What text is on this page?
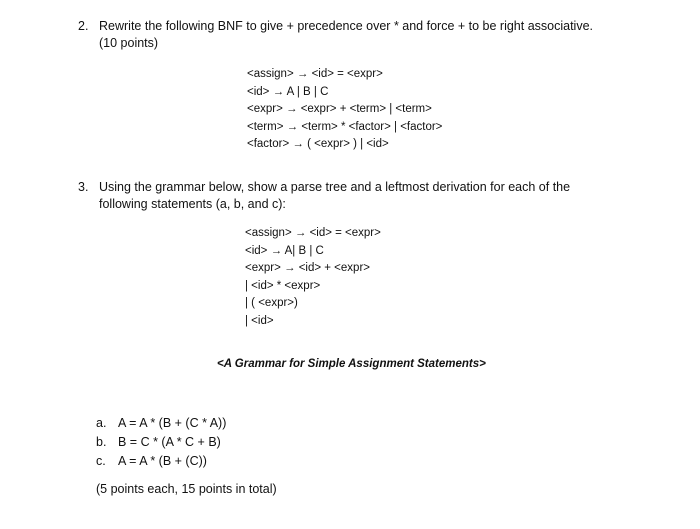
2. Rewrite the following BNF to give + precedence over * and force + to be right associative.
(10 points)
<assign> → <id> = <expr>
<id> → A | B | C
<expr> → <expr> + <term> | <term>
<term> → <term> * <factor> | <factor>
<factor> → ( <expr> ) | <id>
3. Using the grammar below, show a parse tree and a leftmost derivation for each of the
following statements (a, b, and c):
<assign> → <id> = <expr>
<id> → A| B | C
<expr> → <id> + <expr>
| <id> * <expr>
| ( <expr>)
| <id>
<A Grammar for Simple Assignment Statements>
a. A = A * (B + (C * A))
b. B = C * (A * C + B)
c. A = A * (B + (C))
(5 points each, 15 points in total)
